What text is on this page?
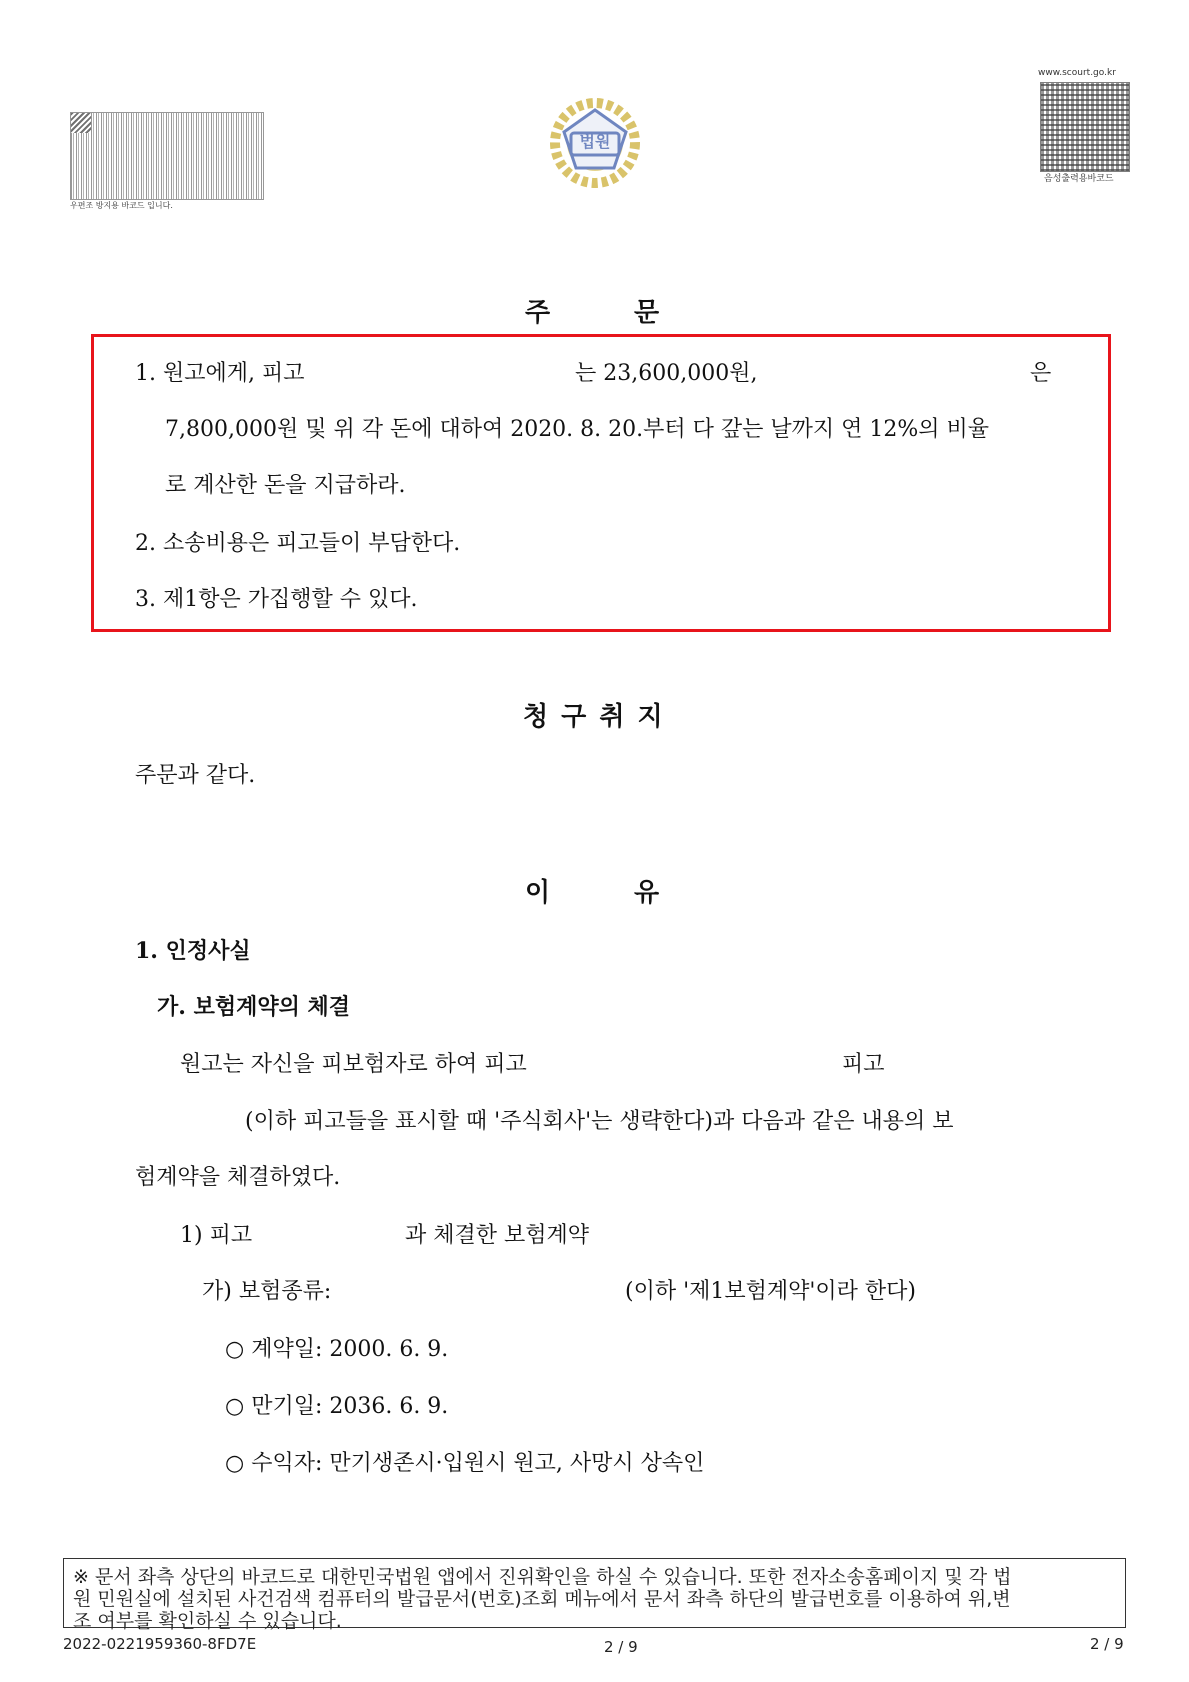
우편조 방지용 바코드 입니다.
법원
www.scourt.go.kr
음성출력용바코드
주	문
1. 원고에게, 피고	는 23,600,000원,	은
7,800,000원 및 위 각 돈에 대하여 2020. 8. 20.부터 다 갚는 날까지 연 12%의 비율
로 계산한 돈을 지급하라.
2. 소송비용은 피고들이 부담한다.
3. 제1항은 가집행할 수 있다.
청 구 취 지
주문과 같다.
이	유
1. 인정사실
가. 보험계약의 체결
원고는 자신을 피보험자로 하여 피고	피고
(이하 피고들을 표시할 때 '주식회사'는 생략한다)과 다음과 같은 내용의 보
험계약을 체결하였다.
1) 피고	과 체결한 보험계약
가) 보험종류:	(이하 '제1보험계약'이라 한다)
○ 계약일: 2000. 6. 9.
○ 만기일: 2036. 6. 9.
○ 수익자: 만기생존시·입원시 원고, 사망시 상속인
※ 문서 좌측 상단의 바코드로 대한민국법원 앱에서 진위확인을 하실 수 있습니다. 또한 전자소송홈페이지 및 각 법
원 민원실에 설치된 사건검색 컴퓨터의 발급문서(번호)조회 메뉴에서 문서 좌측 하단의 발급번호를 이용하여 위,변
조 여부를 확인하실 수 있습니다.
2022-0221959360-8FD7E	2 / 9	2 / 9
